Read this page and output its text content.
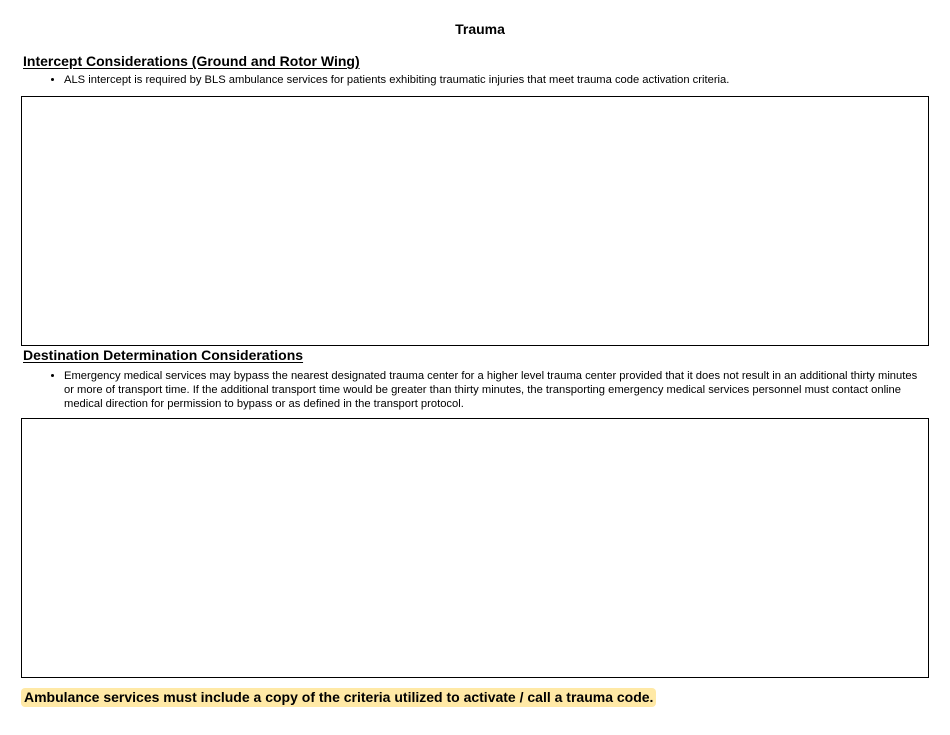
Trauma
Intercept Considerations (Ground and Rotor Wing)
• ALS intercept is required by BLS ambulance services for patients exhibiting traumatic injuries that meet trauma code activation criteria.
Destination Determination Considerations
• Emergency medical services may bypass the nearest designated trauma center for a higher level trauma center provided that it does not result in an additional thirty minutes or more of transport time. If the additional transport time would be greater than thirty minutes, the transporting emergency medical services personnel must contact online medical direction for permission to bypass or as defined in the transport protocol.
Ambulance services must include a copy of the criteria utilized to activate / call a trauma code.
